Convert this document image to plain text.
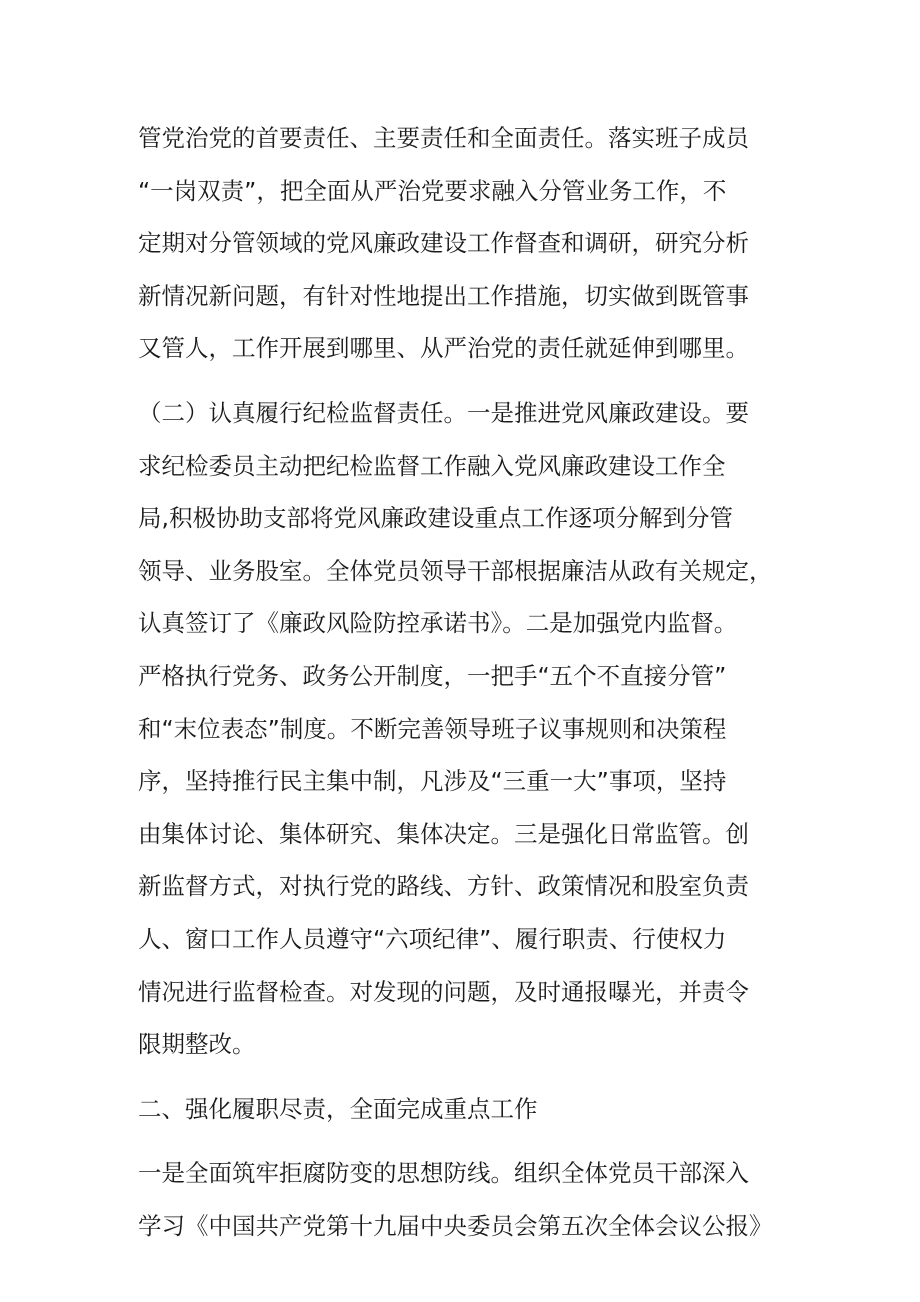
管党治党的首要责任、主要责任和全面责任。落实班子成员
“一岗双责”，把全面从严治党要求融入分管业务工作，不
定期对分管领域的党风廉政建设工作督查和调研，研究分析
新情况新问题，有针对性地提出工作措施，切实做到既管事
又管人，工作开展到哪里、从严治党的责任就延伸到哪里。
（二）认真履行纪检监督责任。一是推进党风廉政建设。要
求纪检委员主动把纪检监督工作融入党风廉政建设工作全
局,积极协助支部将党风廉政建设重点工作逐项分解到分管
领导、业务股室。全体党员领导干部根据廉洁从政有关规定，
认真签订了《廉政风险防控承诺书》。二是加强党内监督。
严格执行党务、政务公开制度，一把手“五个不直接分管”
和“末位表态”制度。不断完善领导班子议事规则和决策程
序，坚持推行民主集中制，凡涉及“三重一大”事项，坚持
由集体讨论、集体研究、集体决定。三是强化日常监管。创
新监督方式，对执行党的路线、方针、政策情况和股室负责
人、窗口工作人员遵守“六项纪律”、履行职责、行使权力
情况进行监督检查。对发现的问题，及时通报曝光，并责令
限期整改。
二、强化履职尽责，全面完成重点工作
一是全面筑牢拒腐防变的思想防线。组织全体党员干部深入
学习《中国共产党第十九届中央委员会第五次全体会议公报》
